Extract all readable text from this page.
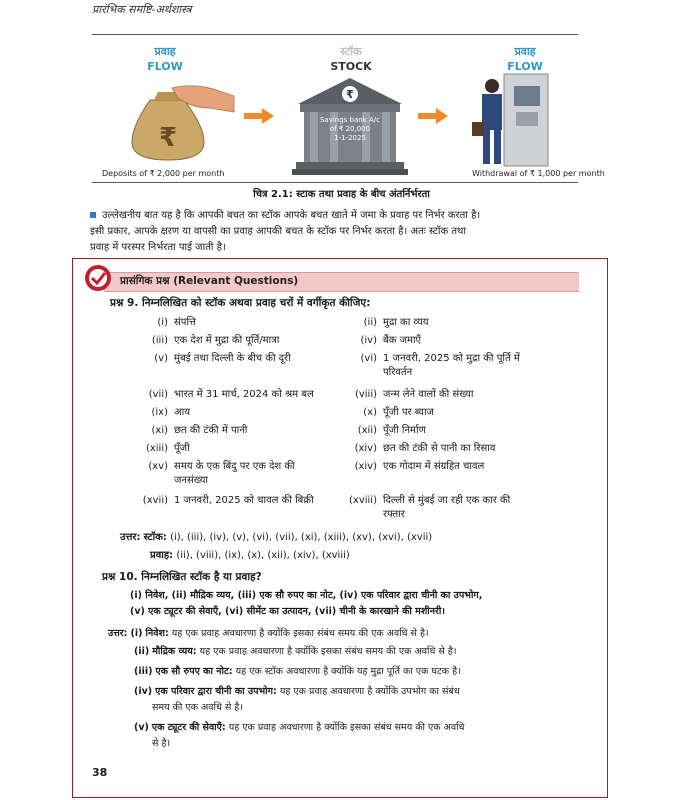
प्रारंभिक समष्टि-अर्थशास्त्र
प्रवाह
FLOW
₹
Deposits of ₹ 2,000 per month
स्टॉक
STOCK
₹
Savings bank A/c
of ₹ 20,000
1-1-2025
प्रवाह
FLOW
Withdrawal of ₹ 1,000 per month
चित्र 2.1: स्टाक तथा प्रवाह के बीच अंतर्निर्भरता
उल्लेखनीय बात यह है कि आपकी बचत का स्टॉक आपके बचत खाते में जमा के प्रवाह पर निर्भर करता है।
इसी प्रकार, आपके क्षरण या वापसी का प्रवाह आपकी बचत के स्टॉक पर निर्भर करता है। अतः स्टॉक तथा
प्रवाह में परस्पर निर्भरता पाई जाती है।
प्रासंगिक प्रश्न (Relevant Questions)
प्रश्न 9. निम्नलिखित को स्टॉक अथवा प्रवाह चरों में वर्गीकृत कीजिए:
(i) संपत्ति	(ii) मुद्रा का व्यय
(iii) एक देश में मुद्रा की पूर्ति/मात्रा	(iv) बैंक जमाएँ
(v) मुंबई तथा दिल्ली के बीच की दूरी	(vi) 1 जनवरी, 2025 को मुद्रा की पूर्ति में
परिवर्तन
(vii) भारत में 31 मार्च, 2024 को श्रम बल	(viii) जन्म लेने वालों की संख्या
(ix) आय	(x) पूँजी पर ब्याज
(xi) छत की टंकी में पानी	(xii) पूँजी निर्माण
(xiii) पूँजी	(xiv) छत की टंकी से पानी का रिसाव
(xv) समय के एक बिंदु पर एक देश की
जनसंख्या
(xiv) एक गोदाम में संग्रहित चावल
(xvii) 1 जनवरी, 2025 को चावल की बिक्री	(xviii) दिल्ली से मुंबई जा रही एक कार की
रफ्तार
उत्तर: स्टॉक: (i), (iii), (iv), (v), (vi), (vii), (xi), (xiii), (xv), (xvi), (xvii)
प्रवाह: (ii), (viii), (ix), (x), (xii), (xiv), (xviii)
प्रश्न 10. निम्नलिखित स्टॉक है या प्रवाह?
(i) निवेश, (ii) मौद्रिक व्यय, (iii) एक सौ रुपए का नोट, (iv) एक परिवार द्वारा चीनी का उपभोग,
(v) एक ट्यूटर की सेवाएँ, (vi) सीमेंट का उत्पादन, (vii) चीनी के कारखाने की मशीनरी।
उत्तर: (i) निवेश: यह एक प्रवाह अवधारणा है क्योंकि इसका संबंध समय की एक अवधि से है।
(ii) मौद्रिक व्यय: यह एक प्रवाह अवधारणा है क्योंकि इसका संबंध समय की एक अवधि से है।
(iii) एक सौ रुपए का नोट: यह एक स्टॉक अवधारणा है क्योंकि यह मुद्रा पूर्ति का एक घटक है।
(iv) एक परिवार द्वारा चीनी का उपभोग: यह एक प्रवाह अवधारणा है क्योंकि उपभोग का संबंध
समय की एक अवधि से है।
(v) एक ट्यूटर की सेवाएँ: यह एक प्रवाह अवधारणा है क्योंकि इसका संबंध समय की एक अवधि
से है।
38
